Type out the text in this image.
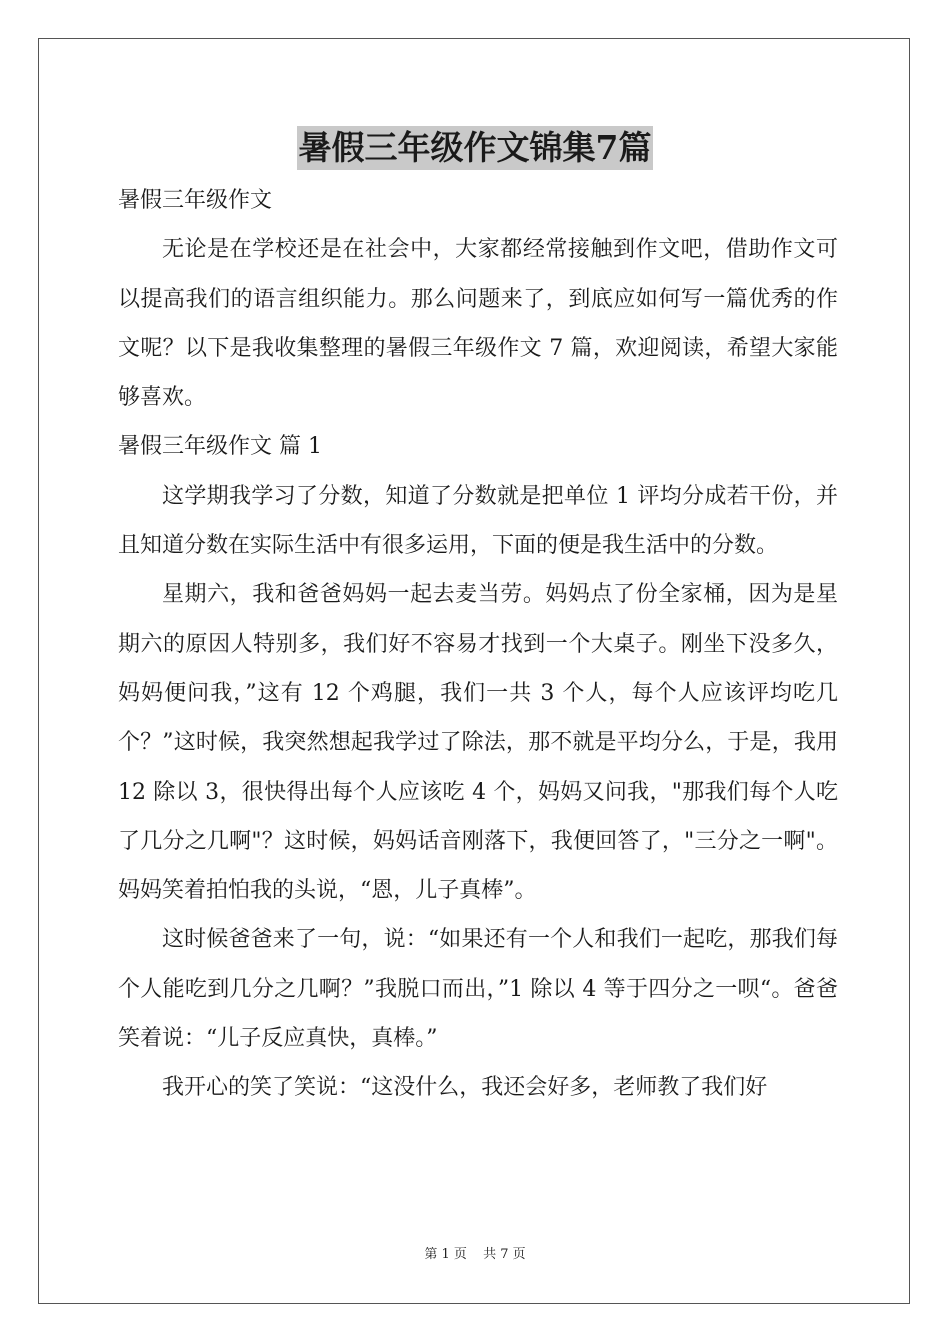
暑假三年级作文锦集7篇

暑假三年级作文

无论是在学校还是在社会中，大家都经常接触到作文吧，借助作文可以提高我们的语言组织能力。那么问题来了，到底应如何写一篇优秀的作文呢？以下是我收集整理的暑假三年级作文 7 篇，欢迎阅读，希望大家能够喜欢。

暑假三年级作文 篇 1

这学期我学习了分数，知道了分数就是把单位 1 评均分成若干份，并且知道分数在实际生活中有很多运用，下面的便是我生活中的分数。

星期六，我和爸爸妈妈一起去麦当劳。妈妈点了份全家桶，因为是星期六的原因人特别多，我们好不容易才找到一个大桌子。刚坐下没多久，妈妈便问我，”这有 12 个鸡腿，我们一共 3 个人，每个人应该评均吃几个？”这时候，我突然想起我学过了除法，那不就是平均分么，于是，我用 12 除以 3，很快得出每个人应该吃 4 个，妈妈又问我，"那我们每个人吃了几分之几啊"？这时候，妈妈话音刚落下，我便回答了，"三分之一啊"。妈妈笑着拍怕我的头说，“恩，儿子真棒”。

这时候爸爸来了一句，说：“如果还有一个人和我们一起吃，那我们每个人能吃到几分之几啊？”我脱口而出，”1 除以 4 等于四分之一呗“。爸爸笑着说：“儿子反应真快，真棒。”

我开心的笑了笑说：“这没什么，我还会好多，老师教了我们好

第 1 页 共 7 页
